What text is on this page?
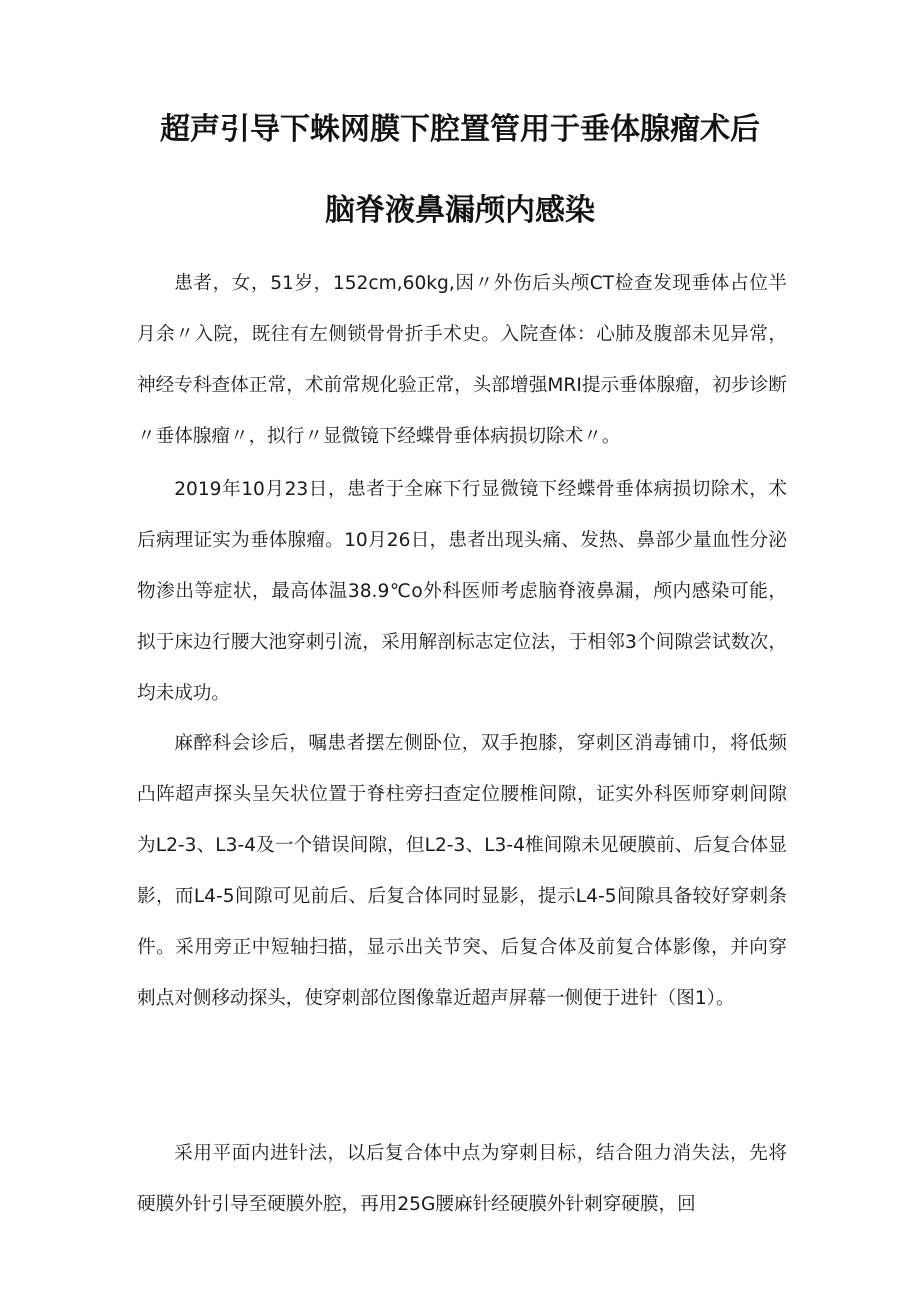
超声引导下蛛网膜下腔置管用于垂体腺瘤术后
脑脊液鼻漏颅内感染

患者，女，51岁，152cm,60kg,因〃外伤后头颅CT检查发现垂体占位半月余〃入院，既往有左侧锁骨骨折手术史。入院查体：心肺及腹部未见异常，神经专科查体正常，术前常规化验正常，头部增强MRI提示垂体腺瘤，初步诊断〃垂体腺瘤〃，拟行〃显微镜下经蝶骨垂体病损切除术〃。

2019年10月23日，患者于全麻下行显微镜下经蝶骨垂体病损切除术，术后病理证实为垂体腺瘤。10月26日，患者出现头痛、发热、鼻部少量血性分泌物渗出等症状，最高体温38.9℃o外科医师考虑脑脊液鼻漏，颅内感染可能，拟于床边行腰大池穿刺引流，采用解剖标志定位法，于相邻3个间隙尝试数次，均未成功。

麻醉科会诊后，嘱患者摆左侧卧位，双手抱膝，穿刺区消毒铺巾，将低频凸阵超声探头呈矢状位置于脊柱旁扫查定位腰椎间隙，证实外科医师穿刺间隙为L2-3、L3-4及一个错误间隙，但L2-3、L3-4椎间隙未见硬膜前、后复合体显影，而L4-5间隙可见前后、后复合体同时显影，提示L4-5间隙具备较好穿刺条件。采用旁正中短轴扫描，显示出关节突、后复合体及前复合体影像，并向穿刺点对侧移动探头，使穿刺部位图像靠近超声屏幕一侧便于进针（图1）。

采用平面内进针法，以后复合体中点为穿刺目标，结合阻力消失法，先将硬膜外针引导至硬膜外腔，再用25G腰麻针经硬膜外针刺穿硬膜，回
